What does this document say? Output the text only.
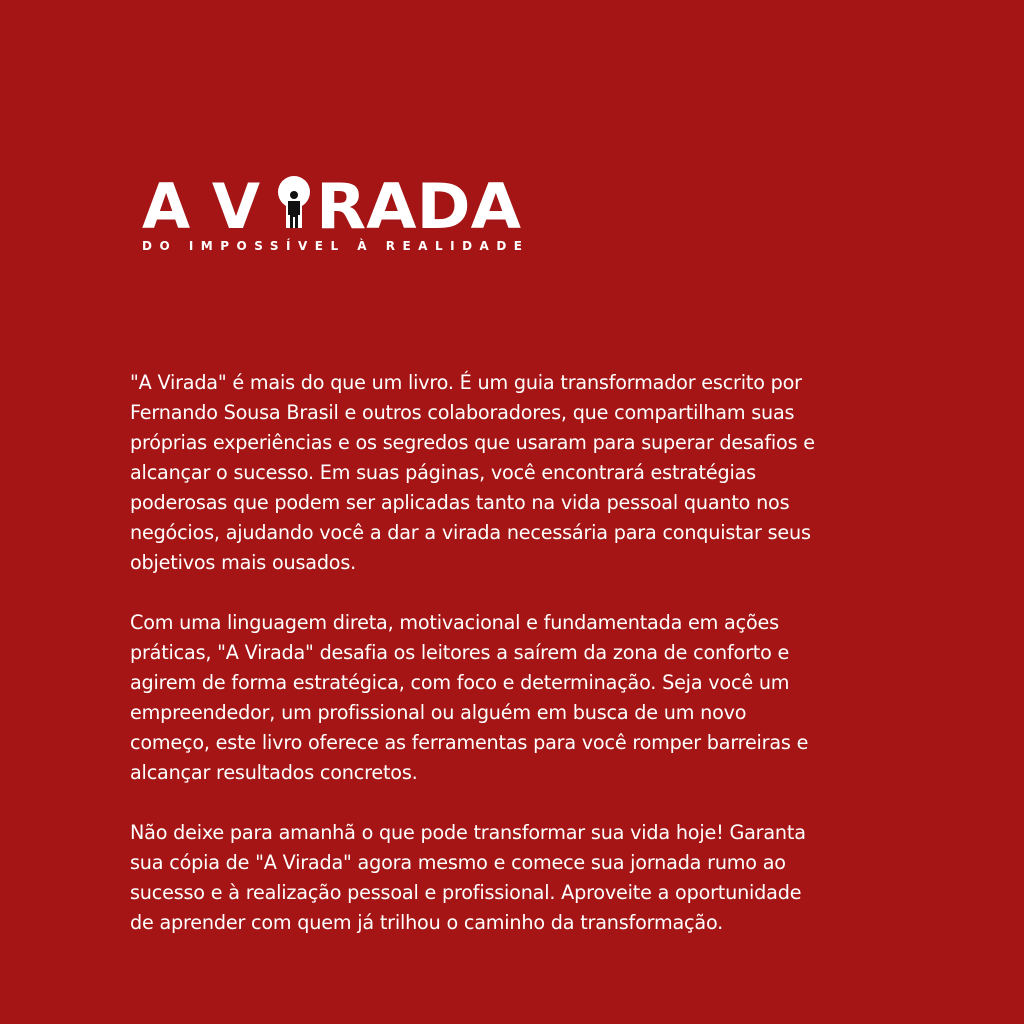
A V RADA
DO IMPOSSÍVEL À REALIDADE

"A Virada" é mais do que um livro. É um guia transformador escrito por
Fernando Sousa Brasil e outros colaboradores, que compartilham suas
próprias experiências e os segredos que usaram para superar desafios e
alcançar o sucesso. Em suas páginas, você encontrará estratégias
poderosas que podem ser aplicadas tanto na vida pessoal quanto nos
negócios, ajudando você a dar a virada necessária para conquistar seus
objetivos mais ousados.

Com uma linguagem direta, motivacional e fundamentada em ações
práticas, "A Virada" desafia os leitores a saírem da zona de conforto e
agirem de forma estratégica, com foco e determinação. Seja você um
empreendedor, um profissional ou alguém em busca de um novo
começo, este livro oferece as ferramentas para você romper barreiras e
alcançar resultados concretos.

Não deixe para amanhã o que pode transformar sua vida hoje! Garanta
sua cópia de "A Virada" agora mesmo e comece sua jornada rumo ao
sucesso e à realização pessoal e profissional. Aproveite a oportunidade
de aprender com quem já trilhou o caminho da transformação.
